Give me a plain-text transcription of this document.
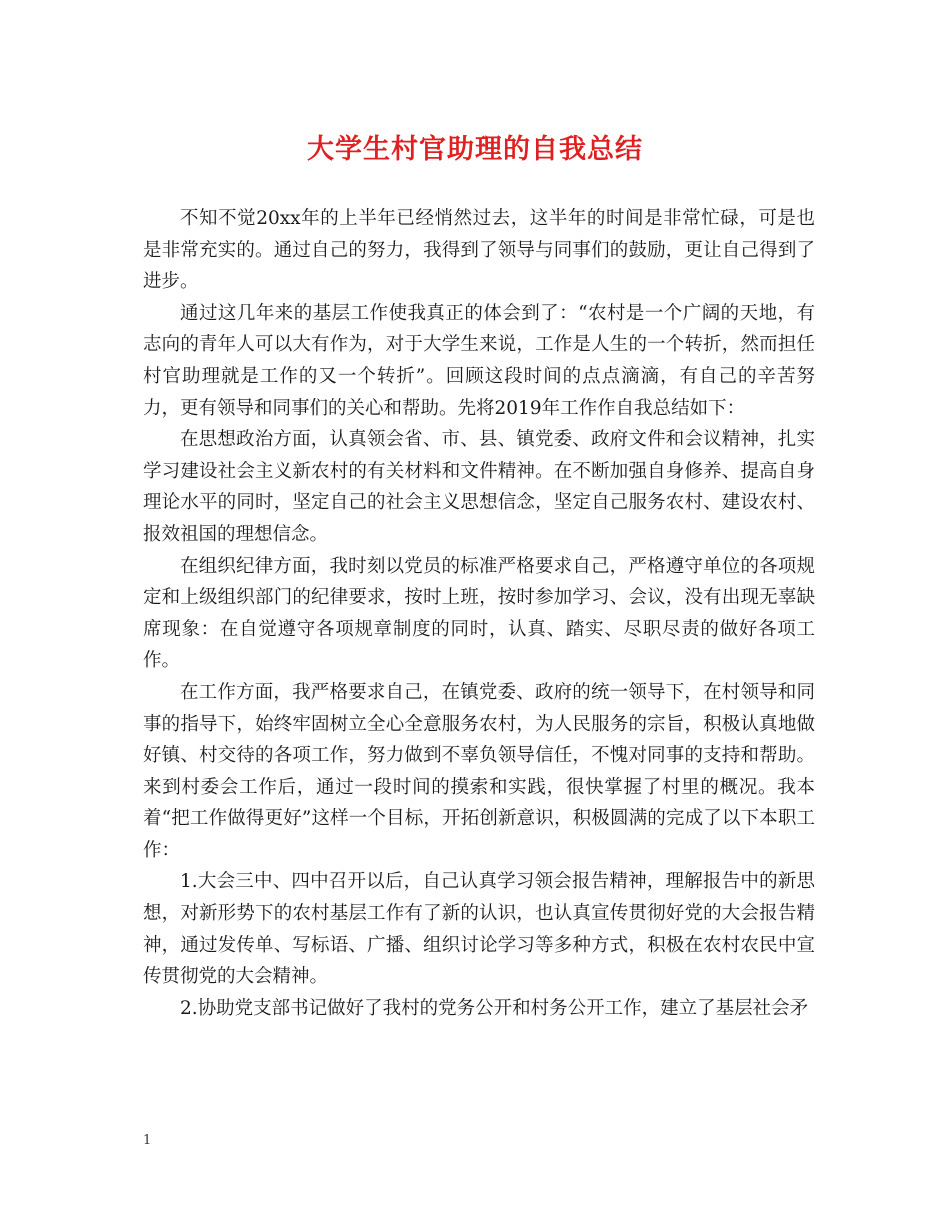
大学生村官助理的自我总结

不知不觉20xx年的上半年已经悄然过去，这半年的时间是非常忙碌，可是也是非常充实的。通过自己的努力，我得到了领导与同事们的鼓励，更让自己得到了进步。

通过这几年来的基层工作使我真正的体会到了：“农村是一个广阔的天地，有志向的青年人可以大有作为，对于大学生来说，工作是人生的一个转折，然而担任村官助理就是工作的又一个转折”。回顾这段时间的点点滴滴，有自己的辛苦努力，更有领导和同事们的关心和帮助。先将2019年工作作自我总结如下：

在思想政治方面，认真领会省、市、县、镇党委、政府文件和会议精神，扎实学习建设社会主义新农村的有关材料和文件精神。在不断加强自身修养、提高自身理论水平的同时，坚定自己的社会主义思想信念，坚定自己服务农村、建设农村、报效祖国的理想信念。

在组织纪律方面，我时刻以党员的标准严格要求自己，严格遵守单位的各项规定和上级组织部门的纪律要求，按时上班，按时参加学习、会议，没有出现无辜缺席现象：在自觉遵守各项规章制度的同时，认真、踏实、尽职尽责的做好各项工作。

在工作方面，我严格要求自己，在镇党委、政府的统一领导下，在村领导和同事的指导下，始终牢固树立全心全意服务农村，为人民服务的宗旨，积极认真地做好镇、村交待的各项工作，努力做到不辜负领导信任，不愧对同事的支持和帮助。来到村委会工作后，通过一段时间的摸索和实践，很快掌握了村里的概况。我本着“把工作做得更好”这样一个目标，开拓创新意识，积极圆满的完成了以下本职工作：

1.大会三中、四中召开以后，自己认真学习领会报告精神，理解报告中的新思想，对新形势下的农村基层工作有了新的认识，也认真宣传贯彻好党的大会报告精神，通过发传单、写标语、广播、组织讨论学习等多种方式，积极在农村农民中宣传贯彻党的大会精神。

2.协助党支部书记做好了我村的党务公开和村务公开工作，建立了基层社会矛

1
